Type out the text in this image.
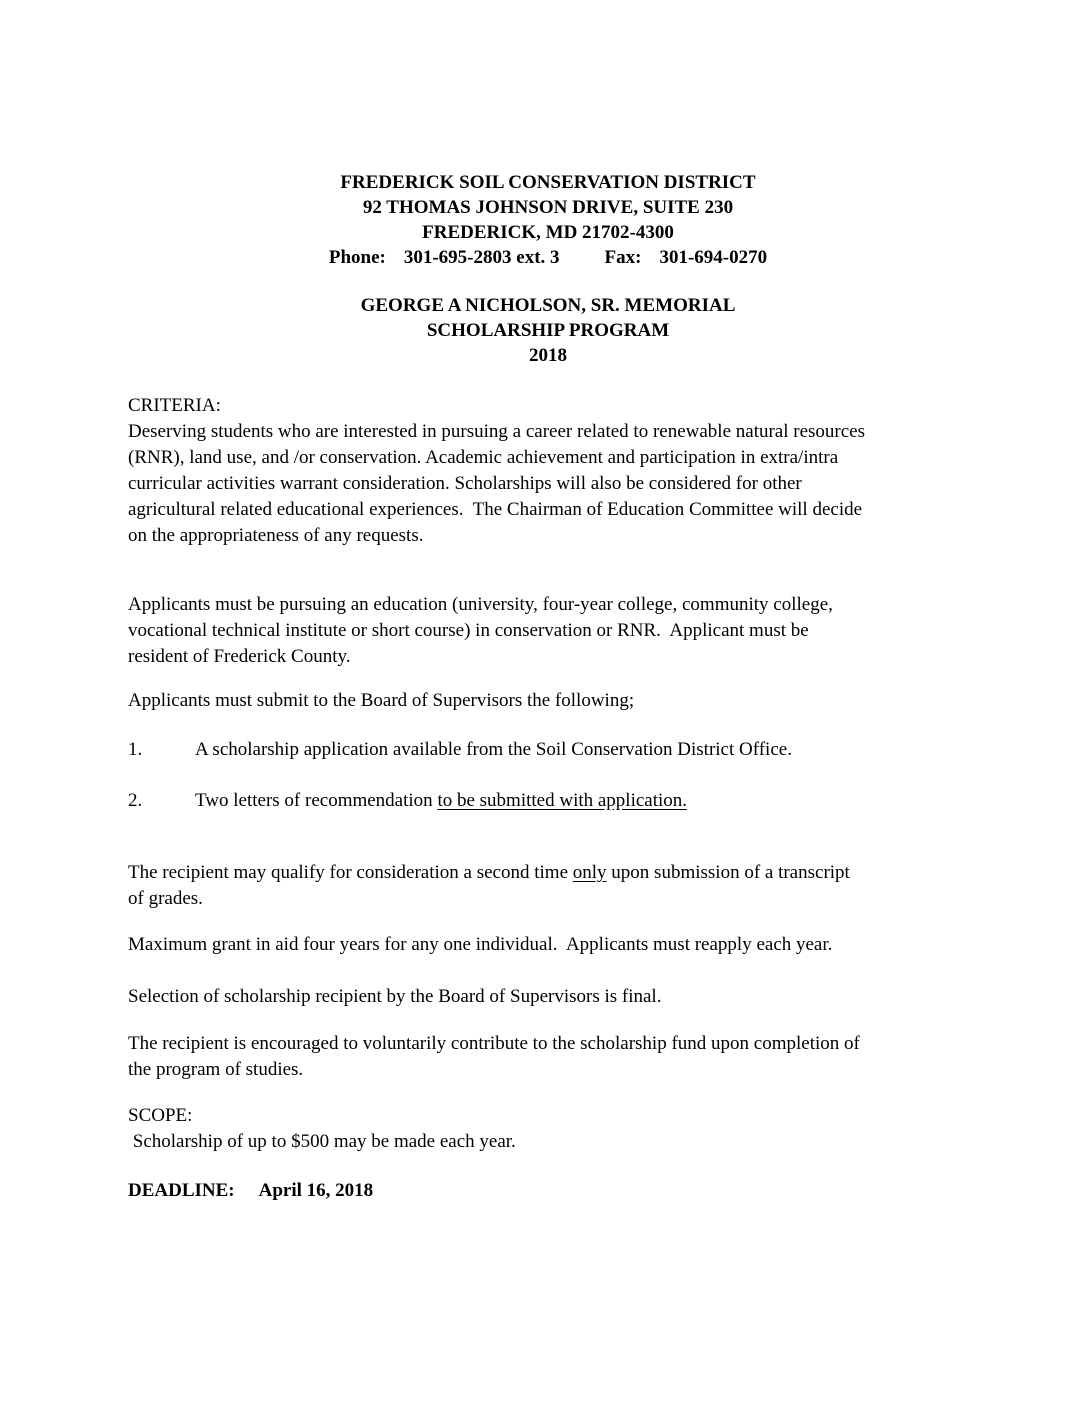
FREDERICK SOIL CONSERVATION DISTRICT
92 THOMAS JOHNSON DRIVE, SUITE 230
FREDERICK, MD 21702-4300
Phone: 301-695-2803 ext. 3 Fax: 301-694-0270
GEORGE A NICHOLSON, SR. MEMORIAL
SCHOLARSHIP PROGRAM
2018
CRITERIA:
Deserving students who are interested in pursuing a career related to renewable natural resources
(RNR), land use, and /or conservation. Academic achievement and participation in extra/intra
curricular activities warrant consideration. Scholarships will also be considered for other
agricultural related educational experiences.  The Chairman of Education Committee will decide
on the appropriateness of any requests.
Applicants must be pursuing an education (university, four-year college, community college,
vocational technical institute or short course) in conservation or RNR.  Applicant must be
resident of Frederick County.
Applicants must submit to the Board of Supervisors the following;
1.	A scholarship application available from the Soil Conservation District Office.
2.	Two letters of recommendation to be submitted with application.
The recipient may qualify for consideration a second time only upon submission of a transcript
of grades.
Maximum grant in aid four years for any one individual.  Applicants must reapply each year.
Selection of scholarship recipient by the Board of Supervisors is final.
The recipient is encouraged to voluntarily contribute to the scholarship fund upon completion of
the program of studies.
SCOPE:
Scholarship of up to $500 may be made each year.
DEADLINE: April 16, 2018
